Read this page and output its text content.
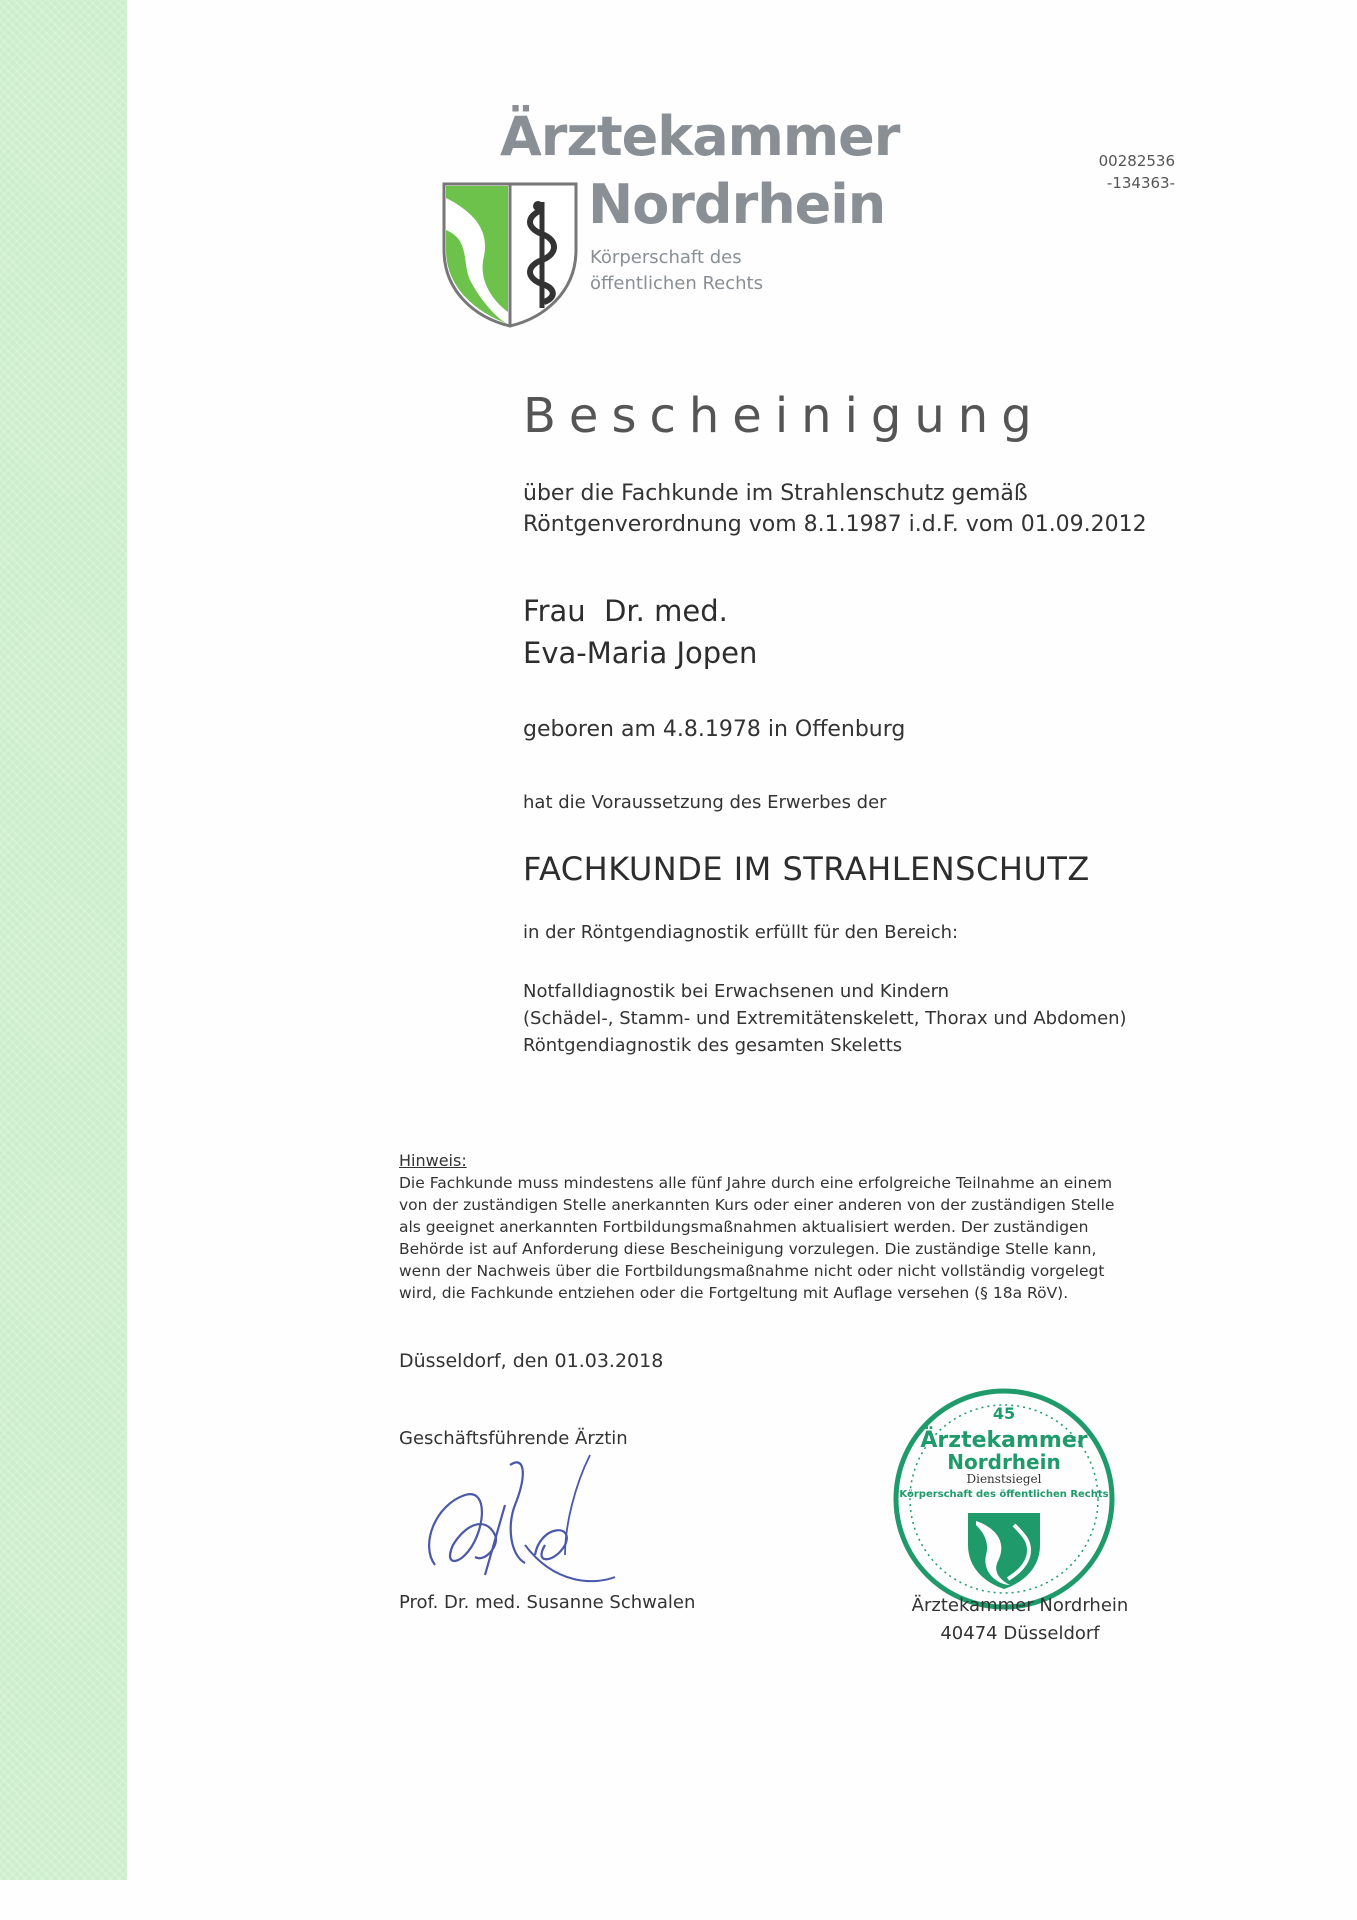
Ärztekammer
Nordrhein
Körperschaft des
öffentlichen Rechts
00282536
-134363-
Bescheinigung
über die Fachkunde im Strahlenschutz gemäß
Röntgenverordnung vom 8.1.1987 i.d.F. vom 01.09.2012
Frau  Dr. med.
Eva-Maria Jopen
geboren am 4.8.1978 in Offenburg
hat die Voraussetzung des Erwerbes der
FACHKUNDE IM STRAHLENSCHUTZ
in der Röntgendiagnostik erfüllt für den Bereich:
Notfalldiagnostik bei Erwachsenen und Kindern
(Schädel-, Stamm- und Extremitätenskelett, Thorax und Abdomen)
Röntgendiagnostik des gesamten Skeletts
Hinweis:
Die Fachkunde muss mindestens alle fünf Jahre durch eine erfolgreiche Teilnahme an einem
von der zuständigen Stelle anerkannten Kurs oder einer anderen von der zuständigen Stelle
als geeignet anerkannten Fortbildungsmaßnahmen aktualisiert werden. Der zuständigen
Behörde ist auf Anforderung diese Bescheinigung vorzulegen. Die zuständige Stelle kann,
wenn der Nachweis über die Fortbildungsmaßnahme nicht oder nicht vollständig vorgelegt
wird, die Fachkunde entziehen oder die Fortgeltung mit Auflage versehen (§ 18a RöV).
Düsseldorf, den 01.03.2018
Geschäftsführende Ärztin
Prof. Dr. med. Susanne Schwalen
45
Ärztekammer
Nordrhein
Dienstsiegel
Körperschaft des öffentlichen Rechts
Ärztekammer Nordrhein
40474 Düsseldorf
